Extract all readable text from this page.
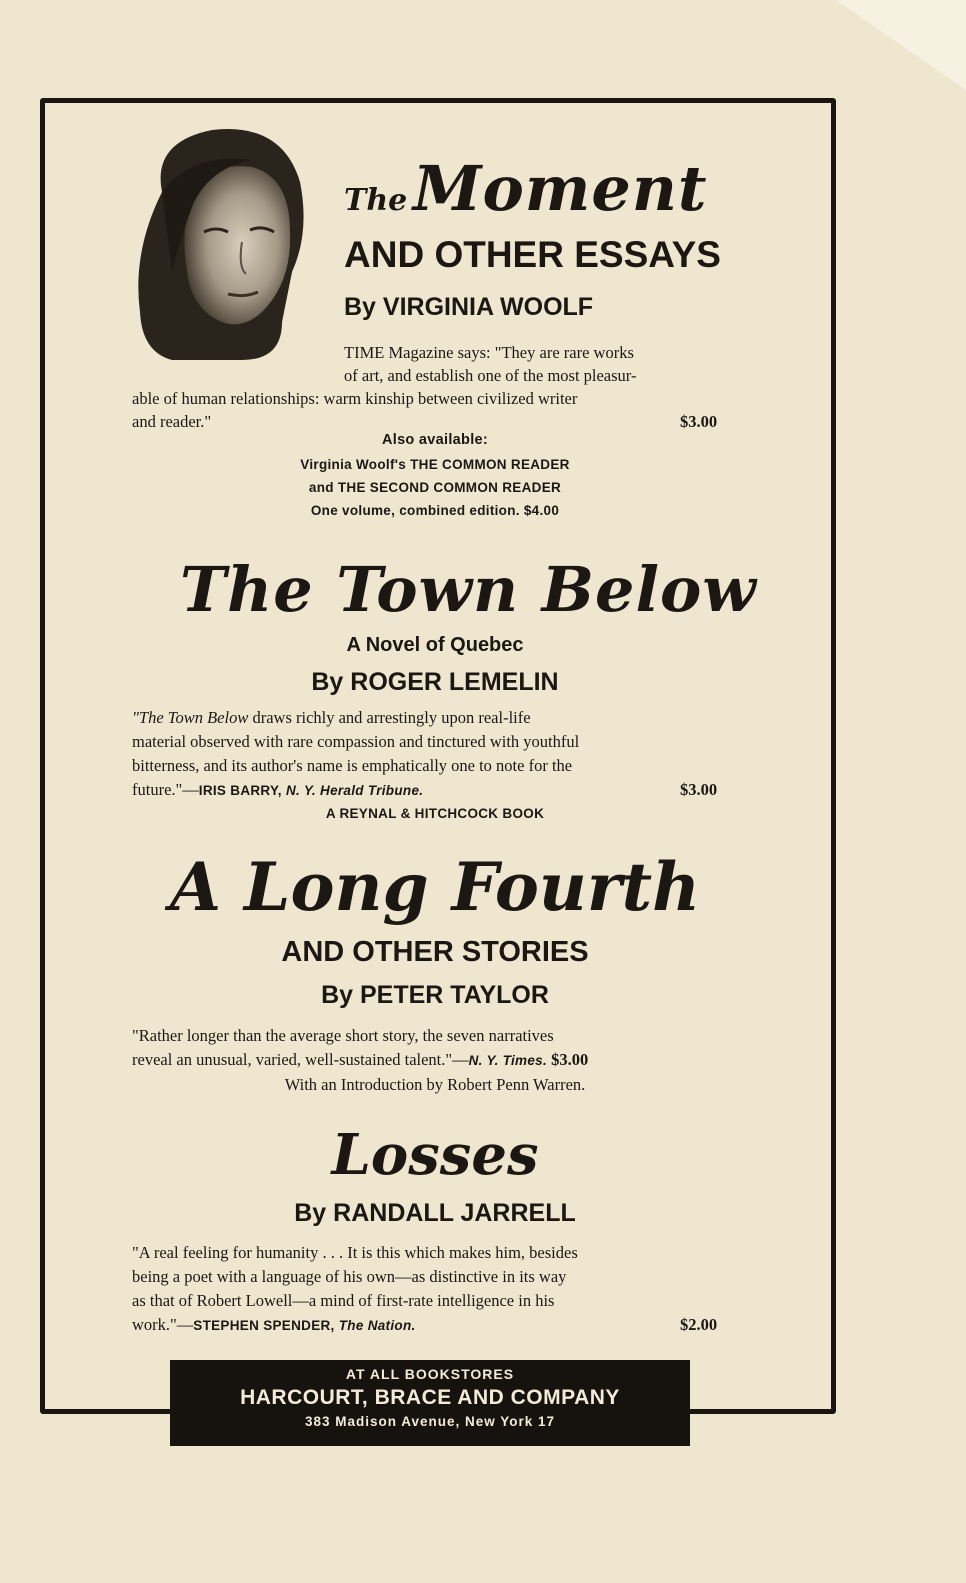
The Moment
AND OTHER ESSAYS
By VIRGINIA WOOLF
TIME Magazine says: "They are rare works
of art, and establish one of the most pleasur-
able of human relationships: warm kinship between civilized writer
and reader."	$3.00
Also available:
Virginia Woolf's THE COMMON READER
and THE SECOND COMMON READER
One volume, combined edition. $4.00
The Town Below
A Novel of Quebec
By ROGER LEMELIN
"The Town Below draws richly and arrestingly upon real-life
material observed with rare compassion and tinctured with youthful
bitterness, and its author's name is emphatically one to note for the
future."—IRIS BARRY, N. Y. Herald Tribune.	$3.00
A REYNAL & HITCHCOCK BOOK
A Long Fourth
AND OTHER STORIES
By PETER TAYLOR
"Rather longer than the average short story, the seven narratives
reveal an unusual, varied, well-sustained talent."—N. Y. Times. $3.00
With an Introduction by Robert Penn Warren.
Losses
By RANDALL JARRELL
"A real feeling for humanity . . . It is this which makes him, besides
being a poet with a language of his own—as distinctive in its way
as that of Robert Lowell—a mind of first-rate intelligence in his
work."—STEPHEN SPENDER, The Nation.	$2.00
AT ALL BOOKSTORES
HARCOURT, BRACE AND COMPANY
383 Madison Avenue, New York 17
